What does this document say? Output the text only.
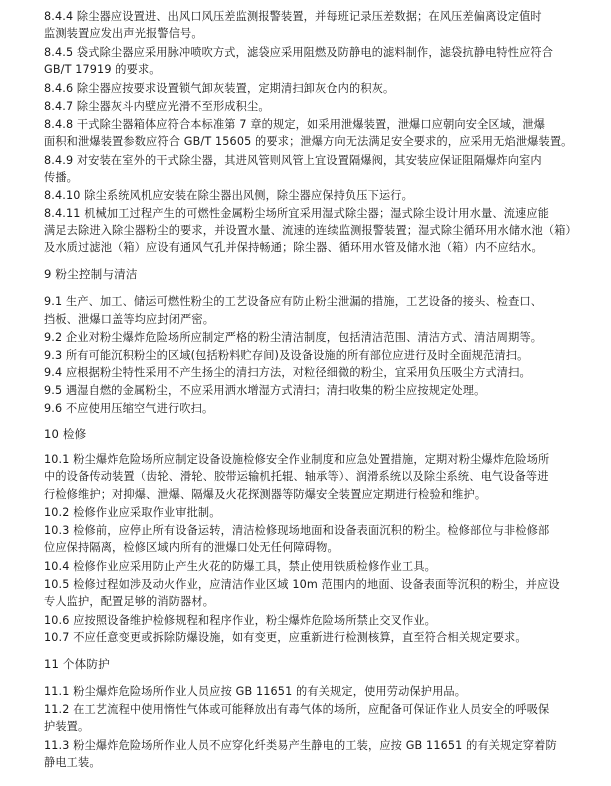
8.4.4 除尘器应设置进、出风口风压差监测报警装置，并每班记录压差数据；在风压差偏离设定值时
监测装置应发出声光报警信号。
8.4.5 袋式除尘器应采用脉冲喷吹方式，滤袋应采用阻燃及防静电的滤料制作，滤袋抗静电特性应符合
GB/T 17919 的要求。
8.4.6 除尘器应按要求设置锁气卸灰装置，定期清扫卸灰仓内的积灰。
8.4.7 除尘器灰斗内壁应光滑不至形成积尘。
8.4.8 干式除尘器箱体应符合本标准第 7 章的规定，如采用泄爆装置，泄爆口应朝向安全区域，泄爆
面积和泄爆装置参数应符合 GB/T 15605 的要求；泄爆方向无法满足安全要求的，应采用无焰泄爆装置。
8.4.9 对安装在室外的干式除尘器，其进风管则风管上宜设置隔爆阀，其安装应保证阻隔爆炸向室内
传播。
8.4.10 除尘系统风机应安装在除尘器出风侧，除尘器应保持负压下运行。
8.4.11 机械加工过程产生的可燃性金属粉尘场所宜采用湿式除尘器；湿式除尘设计用水量、流速应能
满足去除进入除尘器粉尘的要求，并设置水量、流速的连续监测报警装置；湿式除尘循环用水储水池（箱）
及水质过滤池（箱）应设有通风气孔并保持畅通；除尘器、循环用水管及储水池（箱）内不应结水。
9 粉尘控制与清洁
9.1 生产、加工、储运可燃性粉尘的工艺设备应有防止粉尘泄漏的措施，工艺设备的接头、检查口、
挡板、泄爆口盖等均应封闭严密。
9.2 企业对粉尘爆炸危险场所应制定严格的粉尘清洁制度，包括清洁范围、清洁方式、清洁周期等。
9.3 所有可能沉积粉尘的区域(包括粉料贮存间)及设备设施的所有部位应进行及时全面规范清扫。
9.4 应根据粉尘特性采用不产生扬尘的清扫方法，对粒径细微的粉尘，宜采用负压吸尘方式清扫。
9.5 遇湿自燃的金属粉尘，不应采用洒水增湿方式清扫；清扫收集的粉尘应按规定处理。
9.6 不应使用压缩空气进行吹扫。
10 检修
10.1 粉尘爆炸危险场所应制定设备设施检修安全作业制度和应急处置措施，定期对粉尘爆炸危险场所
中的设备传动装置（齿轮、滑轮、胶带运输机托辊、轴承等）、润滑系统以及除尘系统、电气设备等进
行检修维护；对抑爆、泄爆、隔爆及火花探测器等防爆安全装置应定期进行检验和维护。
10.2 检修作业应采取作业审批制。
10.3 检修前，应停止所有设备运转，清洁检修现场地面和设备表面沉积的粉尘。检修部位与非检修部
位应保持隔离，检修区域内所有的泄爆口处无任何障碍物。
10.4 检修作业应采用防止产生火花的防爆工具，禁止使用铁质检修作业工具。
10.5 检修过程如涉及动火作业，应清洁作业区域 10m 范围内的地面、设备表面等沉积的粉尘，并应设
专人监护，配置足够的消防器材。
10.6 应按照设备维护检修规程和程序作业，粉尘爆炸危险场所禁止交叉作业。
10.7 不应任意变更或拆除防爆设施，如有变更，应重新进行检测核算，直至符合相关规定要求。
11 个体防护
11.1 粉尘爆炸危险场所作业人员应按 GB 11651 的有关规定，使用劳动保护用品。
11.2 在工艺流程中使用惰性气体或可能释放出有毒气体的场所，应配备可保证作业人员安全的呼吸保
护装置。
11.3 粉尘爆炸危险场所作业人员不应穿化纤类易产生静电的工装，应按 GB 11651 的有关规定穿着防
静电工装。
